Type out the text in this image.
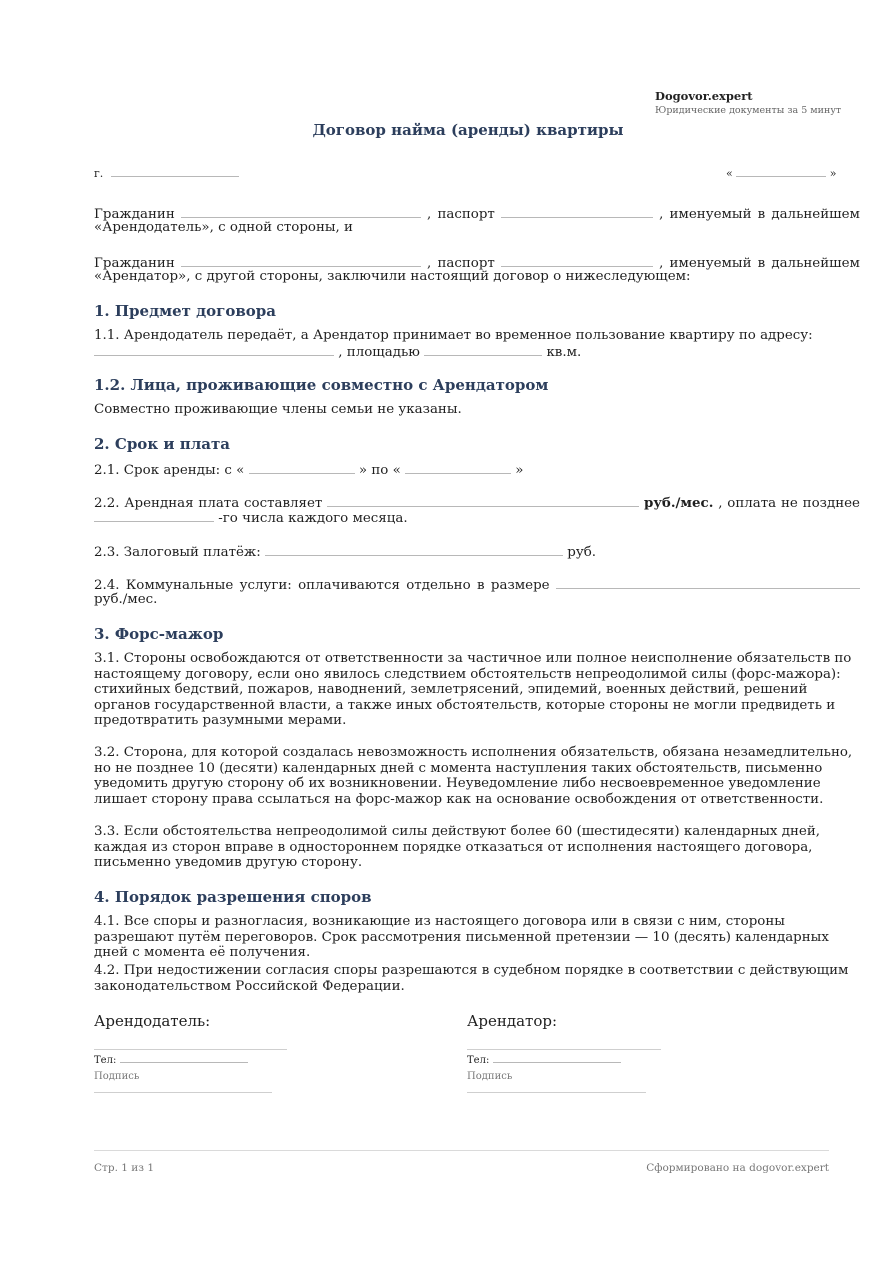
Dogovor.expert
Юридические документы за 5 минут
Договор найма (аренды) квартиры
г.	«	»
Гражданин	, паспорт	, именуемый в дальнейшем
«Арендодатель», с одной стороны, и
Гражданин	, паспорт	, именуемый в дальнейшем
«Арендатор», с другой стороны, заключили настоящий договор о нижеследующем:
1. Предмет договора
1.1. Арендодатель передаёт, а Арендатор принимает во временное пользование квартиру по адресу:
, площадью	кв.м.
1.2. Лица, проживающие совместно с Арендатором
Совместно проживающие члены семьи не указаны.
2. Срок и плата
2.1. Срок аренды: с «	» по «	»
2.2. Арендная плата составляет	руб./мес. , оплата не позднее
-го числа каждого месяца.
2.3. Залоговый платёж:	руб.
2.4. Коммунальные услуги: оплачиваются отдельно в размере
руб./мес.
3. Форс-мажор
3.1. Стороны освобождаются от ответственности за частичное или полное неисполнение обязательств по настоящему договору, если оно явилось следствием обстоятельств непреодолимой силы (форс-мажора): стихийных бедствий, пожаров, наводнений, землетрясений, эпидемий, военных действий, решений органов государственной власти, а также иных обстоятельств, которые стороны не могли предвидеть и предотвратить разумными мерами.
3.2. Сторона, для которой создалась невозможность исполнения обязательств, обязана незамедлительно, но не позднее 10 (десяти) календарных дней с момента наступления таких обстоятельств, письменно уведомить другую сторону об их возникновении. Неуведомление либо несвоевременное уведомление лишает сторону права ссылаться на форс-мажор как на основание освобождения от ответственности.
3.3. Если обстоятельства непреодолимой силы действуют более 60 (шестидесяти) календарных дней, каждая из сторон вправе в одностороннем порядке отказаться от исполнения настоящего договора, письменно уведомив другую сторону.
4. Порядок разрешения споров
4.1. Все споры и разногласия, возникающие из настоящего договора или в связи с ним, стороны разрешают путём переговоров. Срок рассмотрения письменной претензии — 10 (десять) календарных дней с момента её получения.
4.2. При недостижении согласия споры разрешаются в судебном порядке в соответствии с действующим законодательством Российской Федерации.
Арендодатель:
Тел:
Подпись
Арендатор:
Тел:
Подпись
Стр. 1 из 1	Сформировано на dogovor.expert
